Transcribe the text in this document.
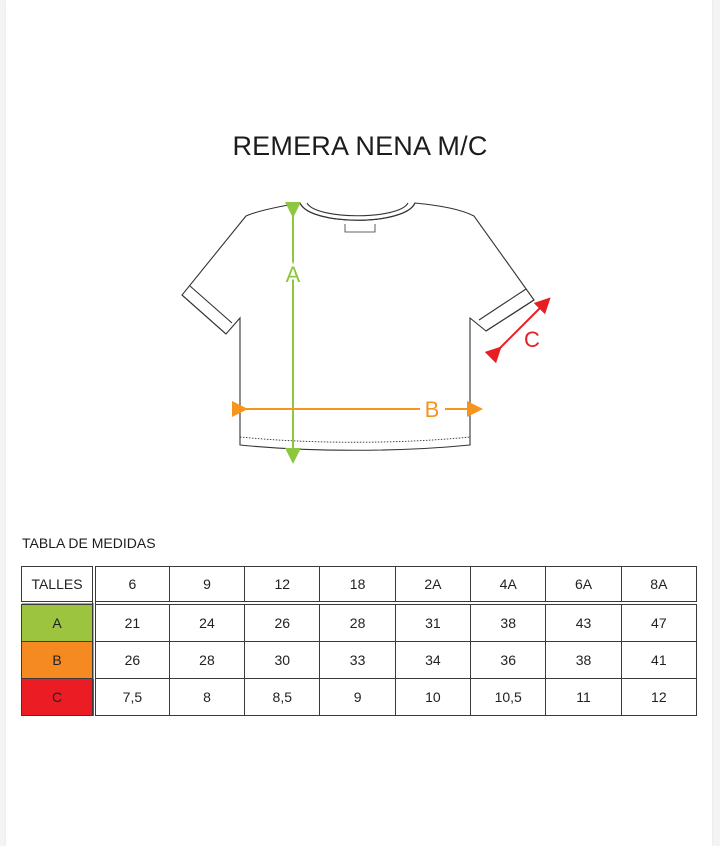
REMERA NENA M/C
A
B
C
TABLA DE MEDIDAS
TALLES	6	9	12	18	2A	4A	6A	8A
A	21	24	26	28	31	38	43	47
B	26	28	30	33	34	36	38	41
C	7,5	8	8,5	9	10	10,5	11	12
